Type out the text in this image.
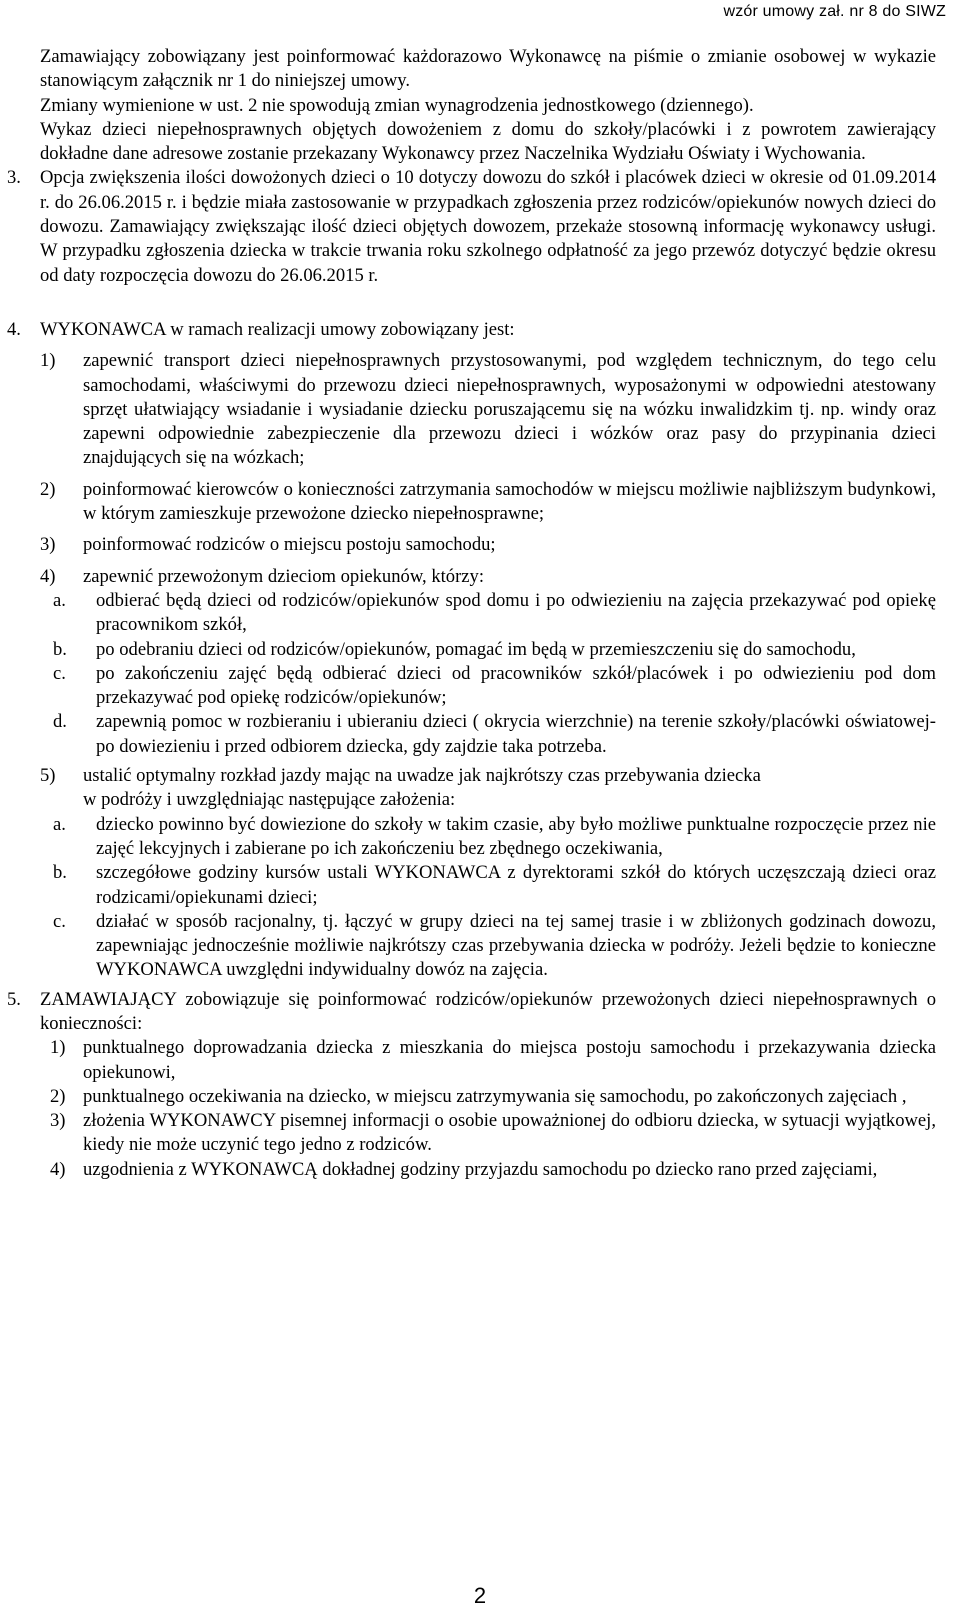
wzór umowy zał. nr 8 do SIWZ

Zamawiający zobowiązany jest poinformować każdorazowo Wykonawcę na piśmie o zmianie osobowej w wykazie stanowiącym załącznik nr 1 do niniejszej umowy.

Zmiany wymienione w ust. 2 nie spowodują zmian wynagrodzenia jednostkowego (dziennego).

Wykaz dzieci niepełnosprawnych objętych dowożeniem z domu do szkoły/placówki i z powrotem zawierający dokładne dane adresowe zostanie przekazany Wykonawcy przez Naczelnika Wydziału Oświaty i Wychowania.

3.	Opcja zwiększenia ilości dowożonych dzieci o 10 dotyczy dowozu do szkół i placówek dzieci w okresie od 01.09.2014 r. do 26.06.2015 r. i będzie miała zastosowanie w przypadkach zgłoszenia przez rodziców/opiekunów nowych dzieci do dowozu. Zamawiający zwiększając ilość dzieci objętych dowozem, przekaże stosowną informację wykonawcy usługi. W przypadku zgłoszenia dziecka w trakcie trwania roku szkolnego odpłatność za jego przewóz dotyczyć będzie okresu od daty rozpoczęcia dowozu do 26.06.2015 r.
4.	WYKONAWCA w ramach realizacji umowy zobowiązany jest:
1)	zapewnić transport dzieci niepełnosprawnych przystosowanymi, pod względem technicznym, do tego celu samochodami, właściwymi do przewozu dzieci niepełnosprawnych, wyposażonymi w odpowiedni atestowany sprzęt ułatwiający wsiadanie i wysiadanie dziecku poruszającemu się na wózku inwalidzkim tj. np. windy oraz zapewni odpowiednie zabezpieczenie dla przewozu dzieci i wózków oraz pasy do przypinania dzieci znajdujących się na wózkach;
2)	poinformować kierowców o konieczności zatrzymania samochodów w miejscu możliwie najbliższym budynkowi, w którym zamieszkuje przewożone dziecko niepełnosprawne;
3)	poinformować rodziców o miejscu postoju samochodu;
4)	zapewnić przewożonym dzieciom opiekunów, którzy:
a.	odbierać będą dzieci od rodziców/opiekunów spod domu i po odwiezieniu na zajęcia przekazywać pod opiekę pracownikom szkół,
b.	po odebraniu dzieci od rodziców/opiekunów, pomagać im będą w przemieszczeniu się do samochodu,
c.	po zakończeniu zajęć będą odbierać dzieci od pracowników szkół/placówek i po odwiezieniu pod dom przekazywać pod opiekę rodziców/opiekunów;
d.	zapewnią pomoc w rozbieraniu i ubieraniu dzieci ( okrycia wierzchnie) na terenie szkoły/placówki oświatowej- po dowiezieniu i przed odbiorem dziecka, gdy zajdzie taka potrzeba.
5)	ustalić optymalny rozkład jazdy mając na uwadze jak najkrótszy czas przebywania dziecka
w podróży i uwzględniając następujące założenia:
a.	dziecko powinno być dowiezione do szkoły w takim czasie, aby było możliwe punktualne rozpoczęcie przez nie zajęć lekcyjnych i zabierane po ich zakończeniu bez zbędnego oczekiwania,
b.	szczegółowe godziny kursów ustali WYKONAWCA z dyrektorami szkół do których uczęszczają dzieci oraz rodzicami/opiekunami dzieci;
c.	działać w sposób racjonalny, tj. łączyć w grupy dzieci na tej samej trasie i w zbliżonych godzinach dowozu, zapewniając jednocześnie możliwie najkrótszy czas przebywania dziecka w podróży. Jeżeli będzie to konieczne WYKONAWCA uwzględni indywidualny dowóz na zajęcia.
5.	ZAMAWIAJĄCY zobowiązuje się poinformować rodziców/opiekunów przewożonych dzieci niepełnosprawnych o konieczności:
1) punktualnego doprowadzania dziecka z mieszkania do miejsca postoju samochodu i przekazywania dziecka opiekunowi,
2) punktualnego oczekiwania na dziecko, w miejscu zatrzymywania się samochodu, po zakończonych zajęciach ,
3) złożenia WYKONAWCY pisemnej informacji o osobie upoważnionej do odbioru dziecka, w sytuacji wyjątkowej, kiedy nie może uczynić tego jedno z rodziców.
4) uzgodnienia z WYKONAWCĄ dokładnej godziny przyjazdu samochodu po dziecko rano przed zajęciami,
2
